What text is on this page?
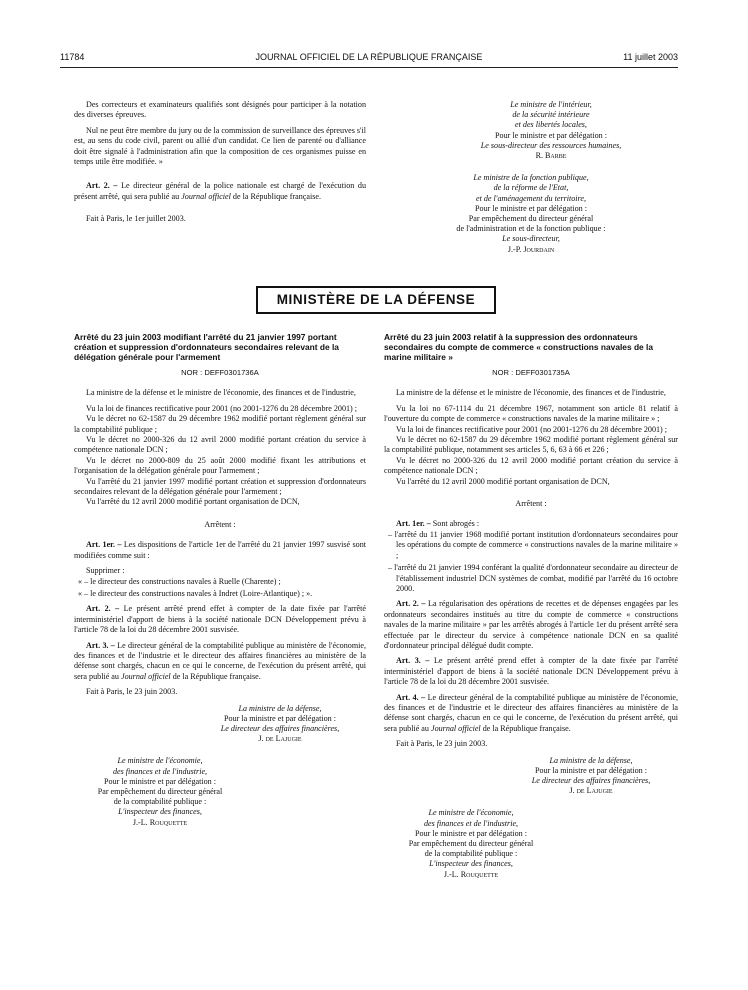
11784	JOURNAL OFFICIEL DE LA RÉPUBLIQUE FRANÇAISE	11 juillet 2003

Des correcteurs et examinateurs qualifiés sont désignés pour participer à la notation des diverses épreuves.

Nul ne peut être membre du jury ou de la commission de surveillance des épreuves s'il est, au sens du code civil, parent ou allié d'un candidat. Ce lien de parenté ou d'alliance doit être signalé à l'administration afin que la composition de ces organismes puisse en temps utile être modifiée. »

Art. 2. – Le directeur général de la police nationale est chargé de l'exécution du présent arrêté, qui sera publié au Journal officiel de la République française.

Fait à Paris, le 1er juillet 2003.

Le ministre de l'intérieur,
de la sécurité intérieure
et des libertés locales,
Pour le ministre et par délégation :
Le sous-directeur des ressources humaines,
R. Barbe
Le ministre de la fonction publique,
de la réforme de l'Etat,
et de l'aménagement du territoire,
Pour le ministre et par délégation :
Par empêchement du directeur général
de l'administration et de la fonction publique :
Le sous-directeur,
J.-P. Jourdain
MINISTÈRE DE LA DÉFENSE
Arrêté du 23 juin 2003 modifiant l'arrêté du 21 janvier 1997 portant création et suppression d'ordonnateurs secondaires relevant de la délégation générale pour l'armement
NOR : DEFF0301736A

La ministre de la défense et le ministre de l'économie, des finances et de l'industrie,

Vu la loi de finances rectificative pour 2001 (no 2001-1276 du 28 décembre 2001) ;

Vu le décret no 62-1587 du 29 décembre 1962 modifié portant règlement général sur la comptabilité publique ;

Vu le décret no 2000-326 du 12 avril 2000 modifié portant création du service à compétence nationale DCN ;

Vu le décret no 2000-809 du 25 août 2000 modifié fixant les attributions et l'organisation de la délégation générale pour l'armement ;

Vu l'arrêté du 21 janvier 1997 modifié portant création et suppression d'ordonnateurs secondaires relevant de la délégation générale pour l'armement ;

Vu l'arrêté du 12 avril 2000 modifié portant organisation de DCN,

Arrêtent :

Art. 1er. – Les dispositions de l'article 1er de l'arrêté du 21 janvier 1997 susvisé sont modifiées comme suit :

Supprimer :

« – le directeur des constructions navales à Ruelle (Charente) ;
« – le directeur des constructions navales à Indret (Loire-Atlantique) ; ».

Art. 2. – Le présent arrêté prend effet à compter de la date fixée par l'arrêté interministériel d'apport de biens à la société nationale DCN Développement prévu à l'article 78 de la loi du 28 décembre 2001 susvisée.

Art. 3. – Le directeur général de la comptabilité publique au ministère de l'économie, des finances et de l'industrie et le directeur des affaires financières au ministère de la défense sont chargés, chacun en ce qui le concerne, de l'exécution du présent arrêté, qui sera publié au Journal officiel de la République française.

Fait à Paris, le 23 juin 2003.

La ministre de la défense,
Pour la ministre et par délégation :
Le directeur des affaires financières,
J. de Lajugie
Le ministre de l'économie,
des finances et de l'industrie,
Pour le ministre et par délégation :
Par empêchement du directeur général
de la comptabilité publique :
L'inspecteur des finances,
J.-L. Rouquette
Arrêté du 23 juin 2003 relatif à la suppression des ordonnateurs secondaires du compte de commerce « constructions navales de la marine militaire »
NOR : DEFF0301735A

La ministre de la défense et le ministre de l'économie, des finances et de l'industrie,

Vu la loi no 67-1114 du 21 décembre 1967, notamment son article 81 relatif à l'ouverture du compte de commerce « constructions navales de la marine militaire » ;

Vu la loi de finances rectificative pour 2001 (no 2001-1276 du 28 décembre 2001) ;

Vu le décret no 62-1587 du 29 décembre 1962 modifié portant règlement général sur la comptabilité publique, notamment ses articles 5, 6, 63 à 66 et 226 ;

Vu le décret no 2000-326 du 12 avril 2000 modifié portant création du service à compétence nationale DCN ;

Vu l'arrêté du 12 avril 2000 modifié portant organisation de DCN,

Arrêtent :

Art. 1er. – Sont abrogés :

– l'arrêté du 11 janvier 1968 modifié portant institution d'ordonnateurs secondaires pour les opérations du compte de commerce « constructions navales de la marine militaire » ;
– l'arrêté du 21 janvier 1994 conférant la qualité d'ordonnateur secondaire au directeur de l'établissement industriel DCN systèmes de combat, modifié par l'arrêté du 16 octobre 2000.

Art. 2. – La régularisation des opérations de recettes et de dépenses engagées par les ordonnateurs secondaires institués au titre du compte de commerce « constructions navales de la marine militaire » par les arrêtés abrogés à l'article 1er du présent arrêté sera effectuée par le directeur du service à compétence nationale DCN en sa qualité d'ordonnateur principal délégué dudit compte.

Art. 3. – Le présent arrêté prend effet à compter de la date fixée par l'arrêté interministériel d'apport de biens à la société nationale DCN Développement prévu à l'article 78 de la loi du 28 décembre 2001 susvisée.

Art. 4. – Le directeur général de la comptabilité publique au ministère de l'économie, des finances et de l'industrie et le directeur des affaires financières au ministère de la défense sont chargés, chacun en ce qui le concerne, de l'exécution du présent arrêté, qui sera publié au Journal officiel de la République française.

Fait à Paris, le 23 juin 2003.

La ministre de la défense,
Pour la ministre et par délégation :
Le directeur des affaires financières,
J. de Lajugie
Le ministre de l'économie,
des finances et de l'industrie,
Pour le ministre et par délégation :
Par empêchement du directeur général
de la comptabilité publique :
L'inspecteur des finances,
J.-L. Rouquette
